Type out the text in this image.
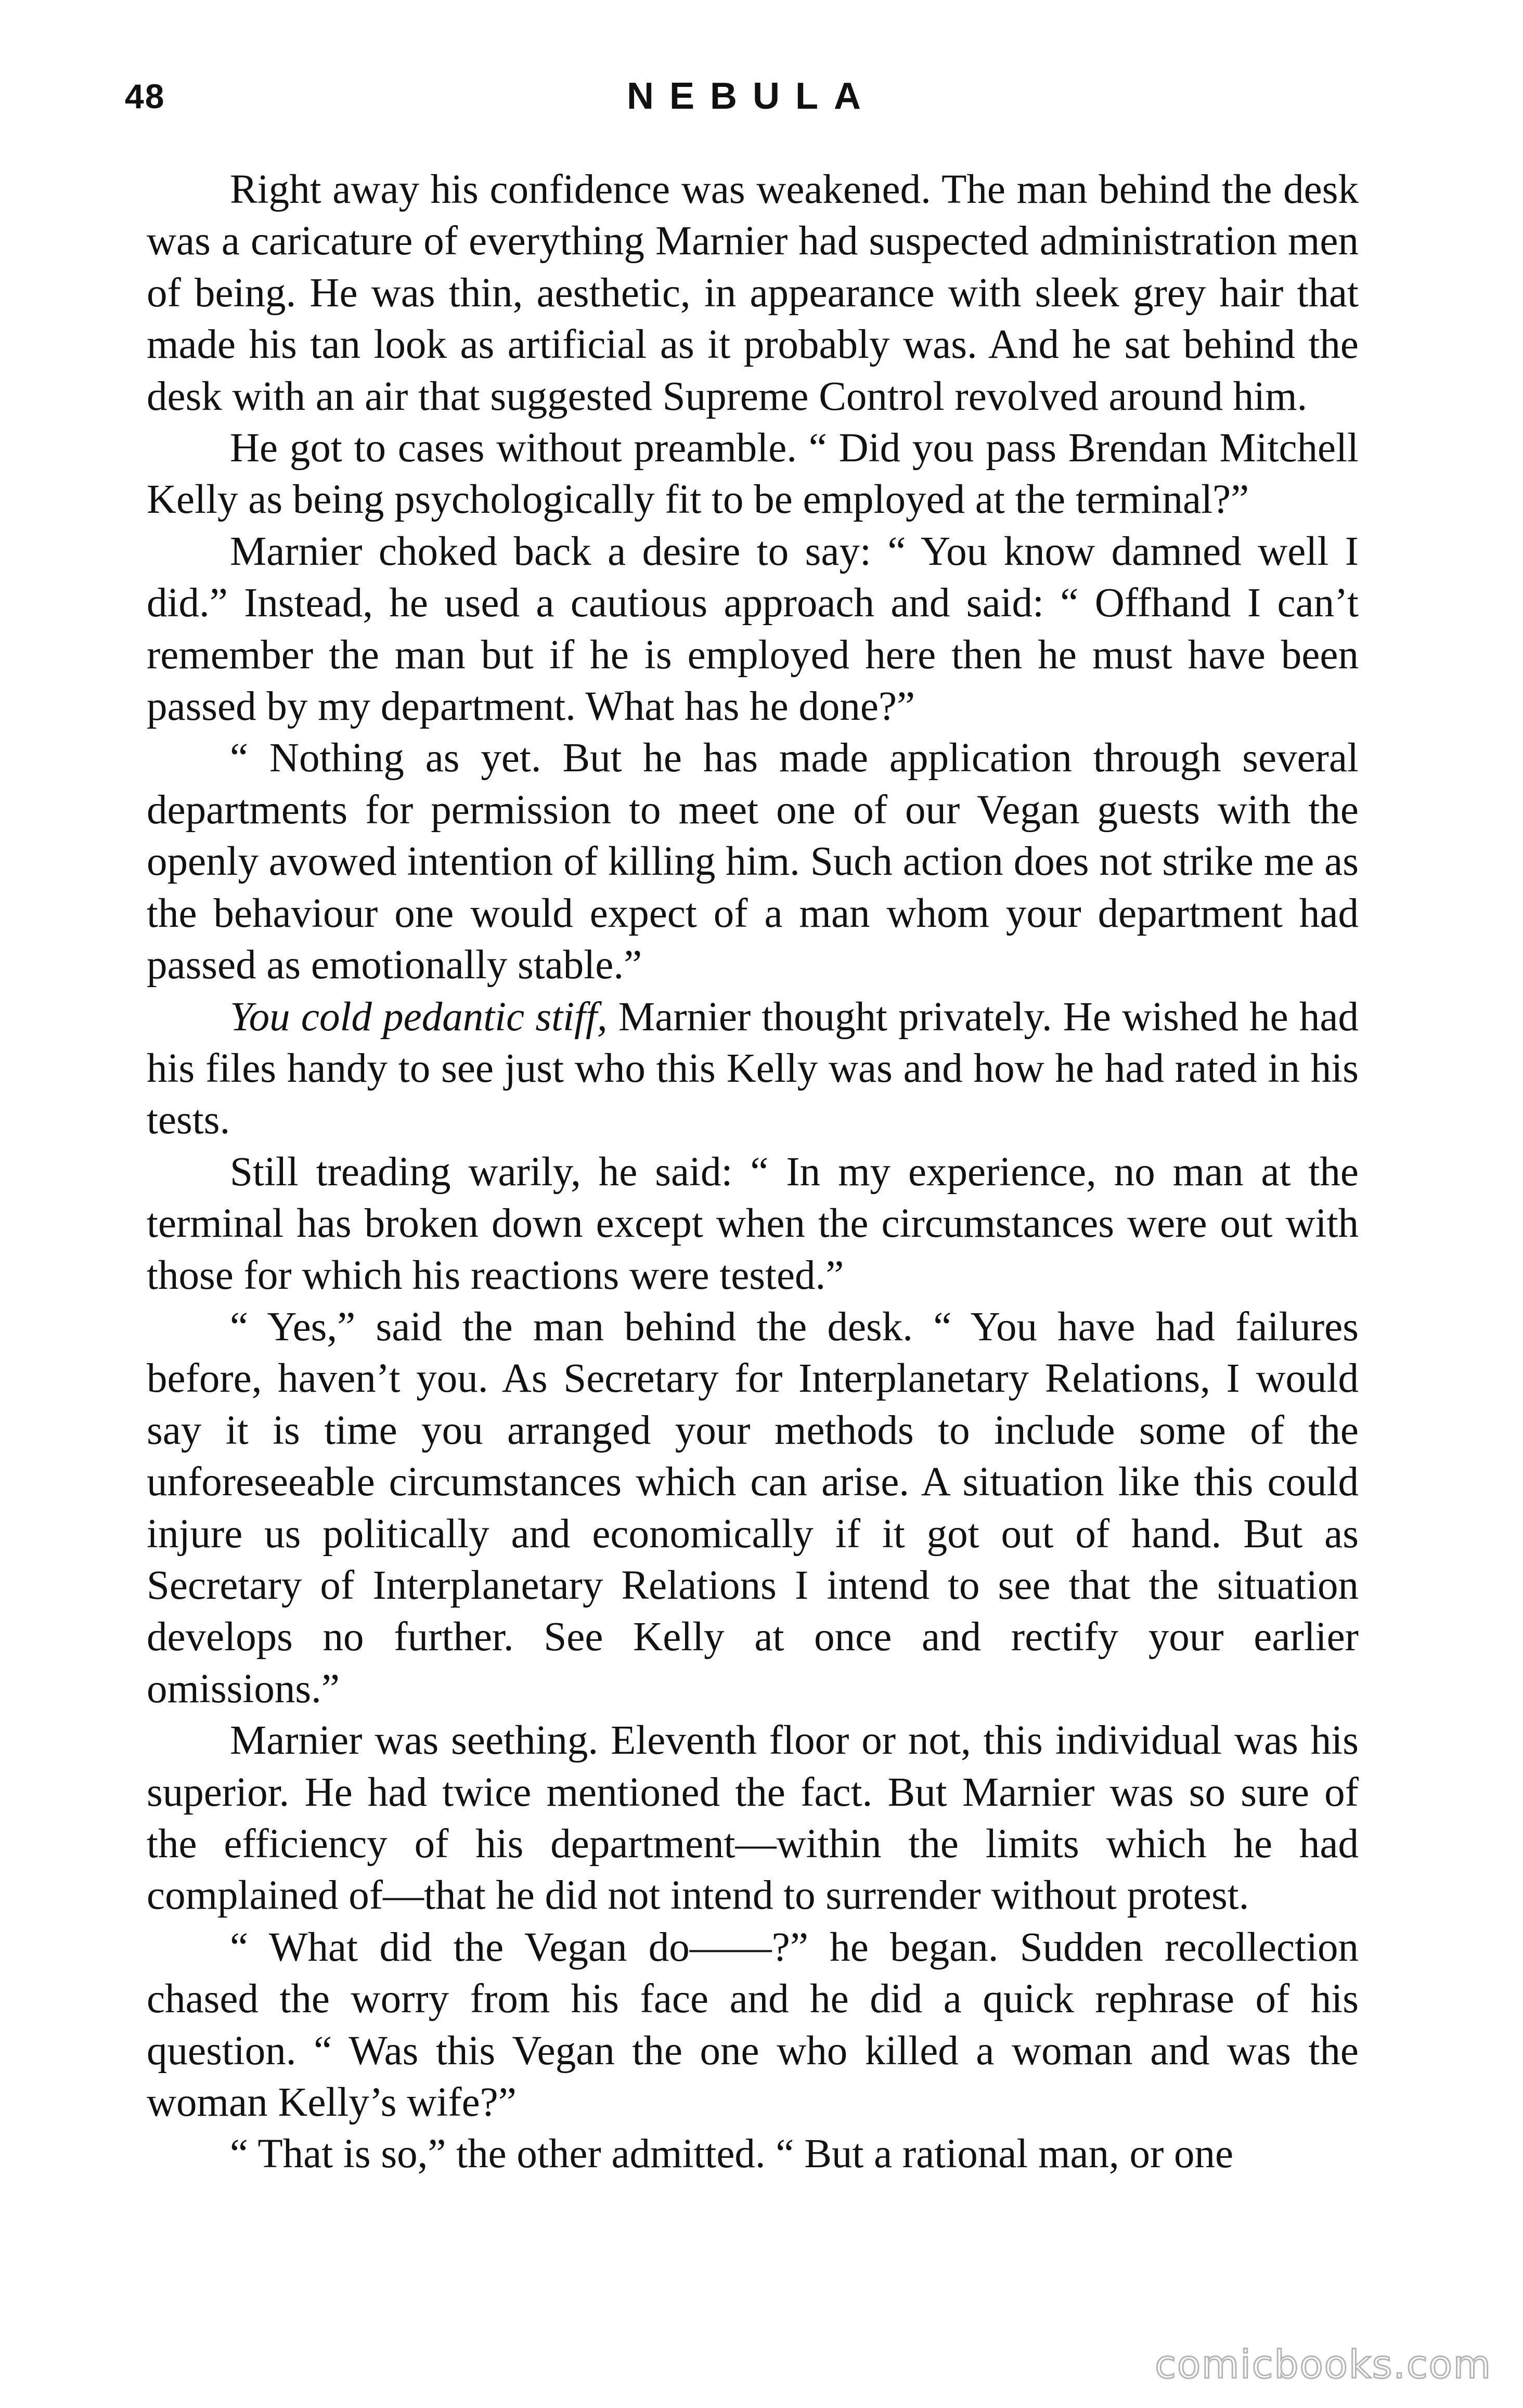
48	NEBULA

Right away his confidence was weakened. The man behind the desk was a caricature of everything Marnier had suspected administration men of being. He was thin, aesthetic, in appearance with sleek grey hair that made his tan look as artificial as it probably was. And he sat behind the desk with an air that suggested Supreme Control revolved around him.

He got to cases without preamble. “ Did you pass Brendan Mitchell Kelly as being psychologically fit to be employed at the terminal?”

Marnier choked back a desire to say: “ You know damned well I did.” Instead, he used a cautious approach and said: “ Offhand I can’t remember the man but if he is employed here then he must have been passed by my department. What has he done?”

“ Nothing as yet. But he has made application through several departments for permission to meet one of our Vegan guests with the openly avowed intention of killing him. Such action does not strike me as the behaviour one would expect of a man whom your department had passed as emotionally stable.”

You cold pedantic stiff, Marnier thought privately. He wished he had his files handy to see just who this Kelly was and how he had rated in his tests.

Still treading warily, he said: “ In my experience, no man at the terminal has broken down except when the circumstances were out with those for which his reactions were tested.”

“ Yes,” said the man behind the desk. “ You have had failures before, haven’t you. As Secretary for Interplanetary Relations, I would say it is time you arranged your methods to include some of the unforeseeable circumstances which can arise. A situation like this could injure us politically and economically if it got out of hand. But as Secretary of Interplanetary Relations I intend to see that the situation develops no further. See Kelly at once and rectify your earlier omissions.”

Marnier was seething. Eleventh floor or not, this individual was his superior. He had twice mentioned the fact. But Marnier was so sure of the efficiency of his department—within the limits which he had complained of—that he did not intend to surrender without protest.

“ What did the Vegan do——?” he began. Sudden recollection chased the worry from his face and he did a quick rephrase of his question. “ Was this Vegan the one who killed a woman and was the woman Kelly’s wife?”

“ That is so,” the other admitted. “ But a rational man, or one

comicbooks.com
